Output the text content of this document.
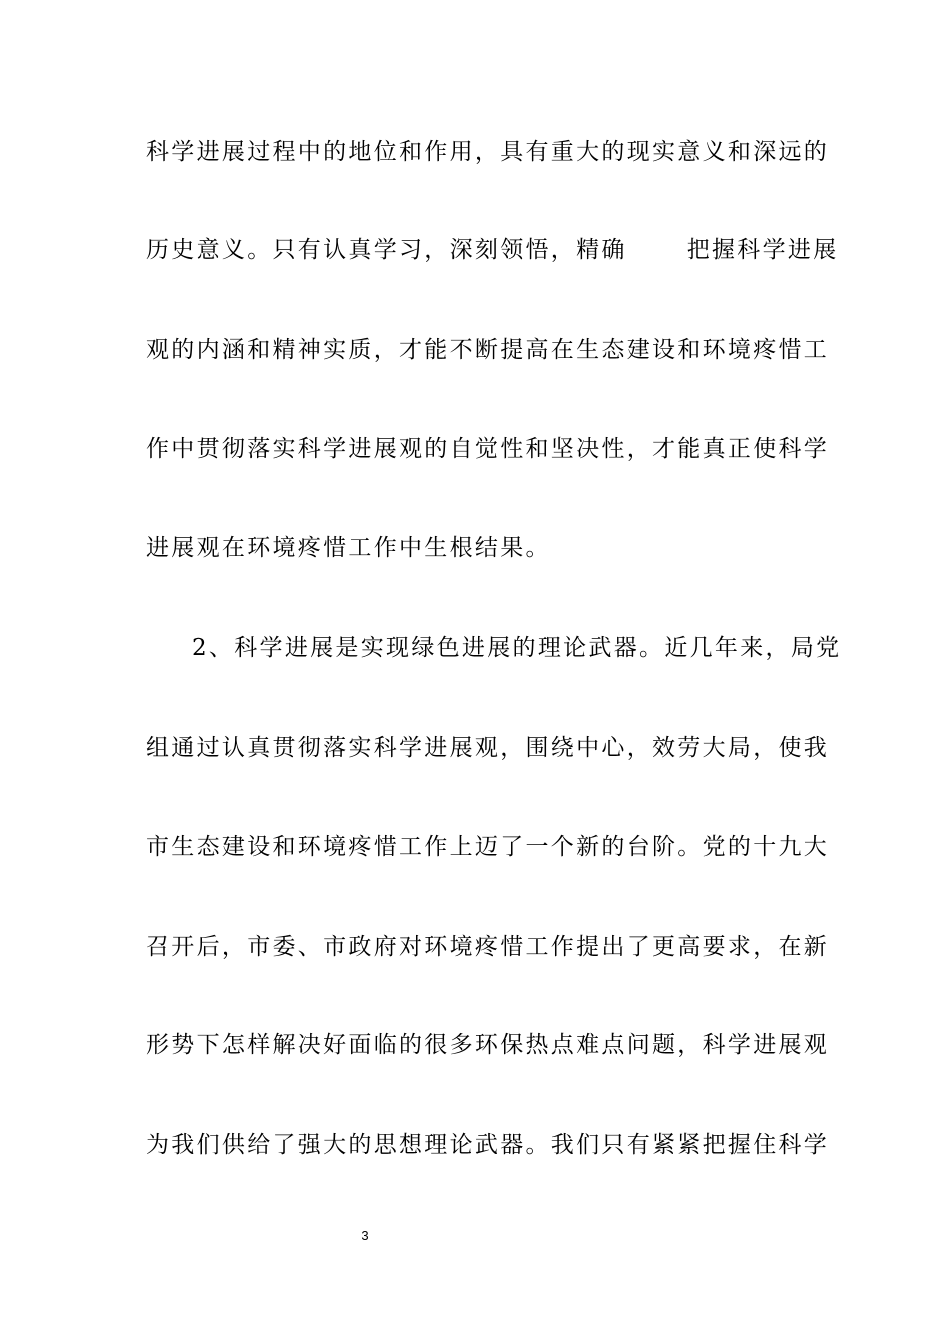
科学进展过程中的地位和作用，具有重大的现实意义和深远的
历史意义。只有认真学习，深刻领悟，精确	把握科学进展
观的内涵和精神实质，才能不断提高在生态建设和环境疼惜工
作中贯彻落实科学进展观的自觉性和坚决性，才能真正使科学
进展观在环境疼惜工作中生根结果。
2、科学进展是实现绿色进展的理论武器。近几年来，局党
组通过认真贯彻落实科学进展观，围绕中心，效劳大局，使我
市生态建设和环境疼惜工作上迈了一个新的台阶。党的十九大
召开后，市委、市政府对环境疼惜工作提出了更高要求，在新
形势下怎样解决好面临的很多环保热点难点问题，科学进展观
为我们供给了强大的思想理论武器。我们只有紧紧把握住科学
3
